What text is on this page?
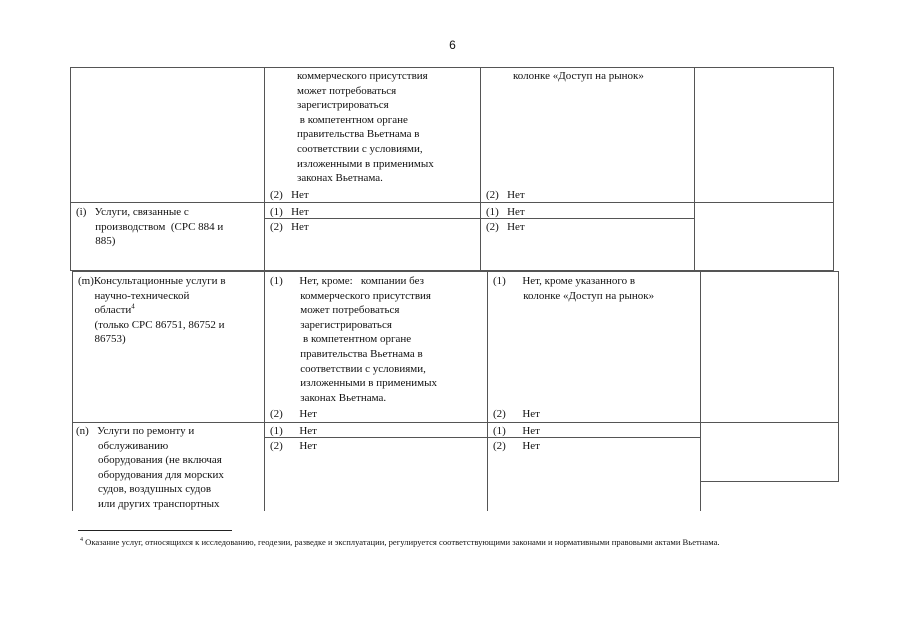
6
коммерческого присутствия
может потребоваться
зарегистрироваться
в компетентном органе
правительства Вьетнама в
соответствии с условиями,
изложенными в применимых
законах Вьетнама.
(2)   Нет
колонке «Доступ на рынок»
(2)   Нет
(i)   Услуги, связанные с
производством  (СРС 884 и
885)
(1)   Нет
(2)   Нет
(1)   Нет
(2)   Нет
(m)Консультационные услуги в
научно-технической
области$^4$
(только СРС 86751, 86752 и
86753)
(1)      Нет, кроме:   компании без
коммерческого присутствия
может потребоваться
зарегистрироваться
в компетентном органе
правительства Вьетнама в
соответствии с условиями,
изложенными в применимых
законах Вьетнама.
(2)      Нет
(1)      Нет, кроме указанного в
колонке «Доступ на рынок»
(2)      Нет
(n)   Услуги по ремонту и
обслуживанию
оборудования (не включая
оборудования для морских
судов, воздушных судов
или других транспортных
(1)      Нет
(2)      Нет
(1)      Нет
(2)      Нет
$^4$ Оказание услуг, относящихся к исследованию, геодезии, разведке и эксплуатации, регулируется соответствующими законами и нормативными правовыми актами Вьетнама.
